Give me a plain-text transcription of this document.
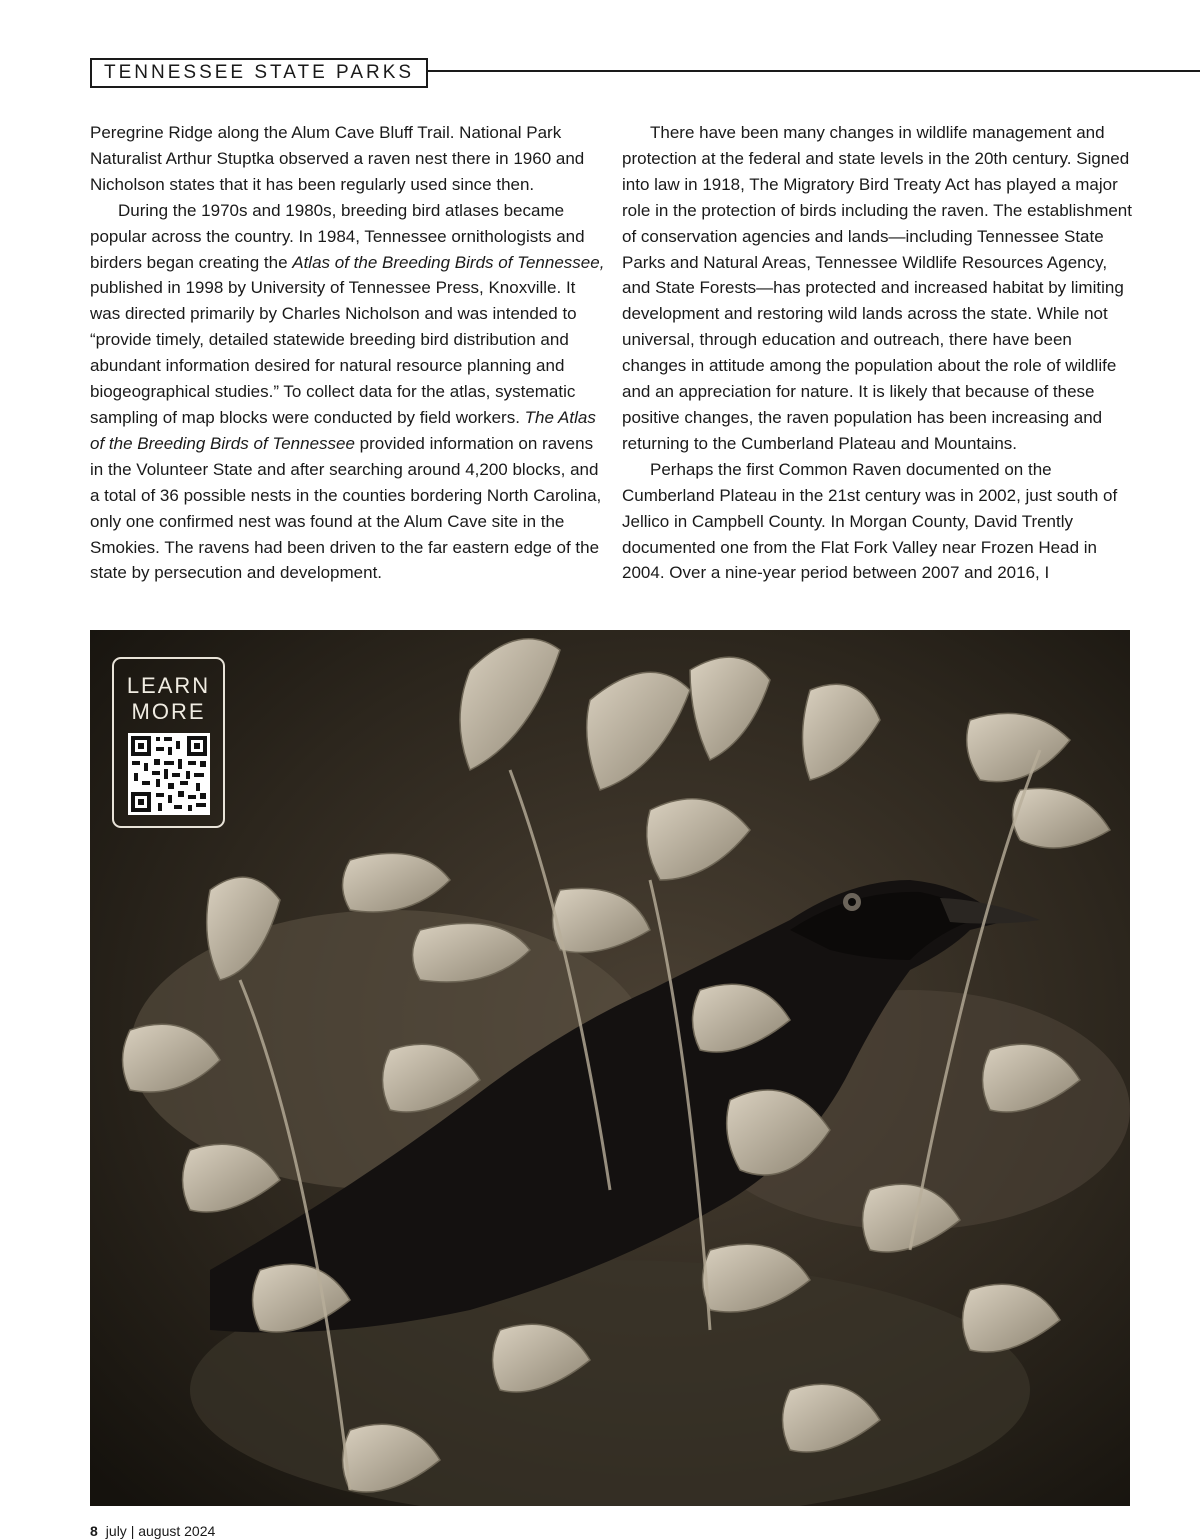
TENNESSEE STATE PARKS

Peregrine Ridge along the Alum Cave Bluff Trail. National Park Naturalist Arthur Stuptka observed a raven nest there in 1960 and Nicholson states that it has been regularly used since then.

During the 1970s and 1980s, breeding bird atlases became popular across the country. In 1984, Tennessee ornithologists and birders began creating the Atlas of the Breeding Birds of Tennessee, published in 1998 by University of Tennessee Press, Knoxville. It was directed primarily by Charles Nicholson and was intended to “provide timely, detailed statewide breeding bird distribution and abundant information desired for natural resource planning and biogeographical studies.” To collect data for the atlas, systematic sampling of map blocks were conducted by field workers. The Atlas of the Breeding Birds of Tennessee provided information on ravens in the Volunteer State and after searching around 4,200 blocks, and a total of 36 possible nests in the counties bordering North Carolina, only one confirmed nest was found at the Alum Cave site in the Smokies. The ravens had been driven to the far eastern edge of the state by persecution and development.

There have been many changes in wildlife management and protection at the federal and state levels in the 20th century. Signed into law in 1918, The Migratory Bird Treaty Act has played a major role in the protection of birds including the raven. The establishment of conservation agencies and lands—including Tennessee State Parks and Natural Areas, Tennessee Wildlife Resources Agency, and State Forests—has protected and increased habitat by limiting development and restoring wild lands across the state. While not universal, through education and outreach, there have been changes in attitude among the population about the role of wildlife and an appreciation for nature. It is likely that because of these positive changes, the raven population has been increasing and returning to the Cumberland Plateau and Mountains.

Perhaps the first Common Raven documented on the Cumberland Plateau in the 21st century was in 2002, just south of Jellico in Campbell County. In Morgan County, David Trently documented one from the Flat Fork Valley near Frozen Head in 2004. Over a nine-year period between 2007 and 2016, I

LEARN
MORE
8 july | august 2024
